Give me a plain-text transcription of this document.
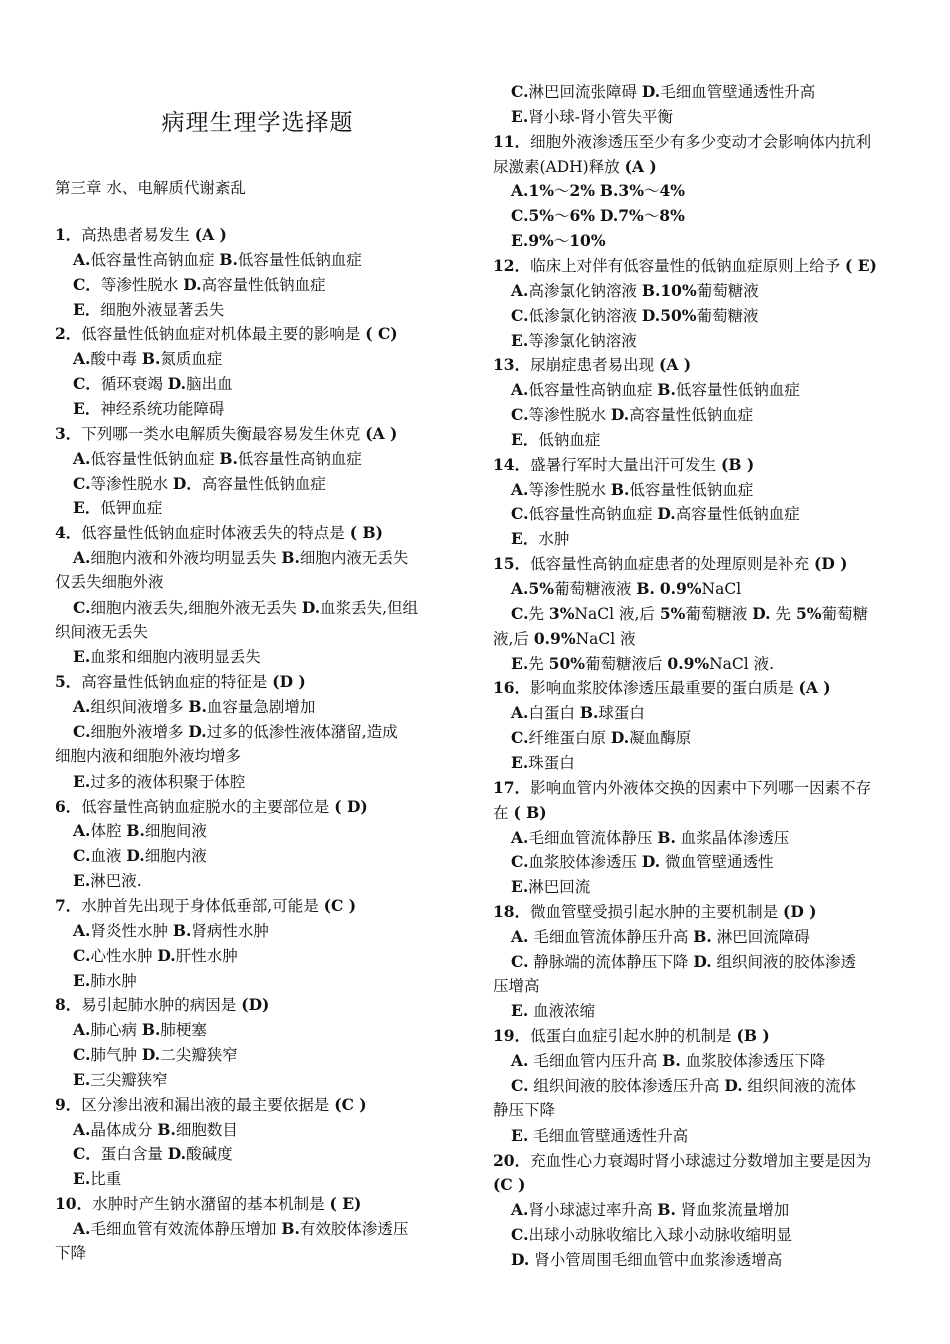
病理生理学选择题
第三章 水、电解质代谢紊乱
1．高热患者易发生 (A )
A.低容量性高钠血症 B.低容量性低钠血症
C．等渗性脱水 D.高容量性低钠血症
E．细胞外液显著丢失
2．低容量性低钠血症对机体最主要的影响是 ( C)
A.酸中毒 B.氮质血症
C．循环衰竭 D.脑出血
E．神经系统功能障碍
3．下列哪一类水电解质失衡最容易发生休克 (A )
A.低容量性低钠血症 B.低容量性高钠血症
C.等渗性脱水 D．高容量性低钠血症
E．低钾血症
4．低容量性低钠血症时体液丢失的特点是 ( B)
A.细胞内液和外液均明显丢失 B.细胞内液无丢失
仅丢失细胞外液
C.细胞内液丢失,细胞外液无丢失 D.血浆丢失,但组
织间液无丢失
E.血浆和细胞内液明显丢失
5．高容量性低钠血症的特征是 (D )
A.组织间液增多 B.血容量急剧增加
C.细胞外液增多 D.过多的低渗性液体潴留,造成
细胞内液和细胞外液均增多
E.过多的液体积聚于体腔
6．低容量性高钠血症脱水的主要部位是 ( D)
A.体腔 B.细胞间液
C.血液 D.细胞内液
E.淋巴液.
7．水肿首先出现于身体低垂部,可能是 (C )
A.肾炎性水肿 B.肾病性水肿
C.心性水肿 D.肝性水肿
E.肺水肿
8．易引起肺水肿的病因是 (D)
A.肺心病 B.肺梗塞
C.肺气肿 D.二尖瓣狭窄
E.三尖瓣狭窄
9．区分渗出液和漏出液的最主要依据是 (C )
A.晶体成分 B.细胞数目
C．蛋白含量 D.酸碱度
E.比重
10．水肿时产生钠水潴留的基本机制是 ( E)
A.毛细血管有效流体静压增加 B.有效胶体渗透压
下降
C.淋巴回流张障碍 D.毛细血管壁通透性升高
E.肾小球-肾小管失平衡
11．细胞外液渗透压至少有多少变动才会影响体内抗利
尿激素(ADH)释放 (A )
A.1%～2% B.3%～4%
C.5%～6% D.7%～8%
E.9%～10%
12．临床上对伴有低容量性的低钠血症原则上给予 ( E)
A.高渗氯化钠溶液 B.10%葡萄糖液
C.低渗氯化钠溶液 D.50%葡萄糖液
E.等渗氯化钠溶液
13．尿崩症患者易出现 (A )
A.低容量性高钠血症 B.低容量性低钠血症
C.等渗性脱水 D.高容量性低钠血症
E．低钠血症
14．盛暑行军时大量出汗可发生 (B )
A.等渗性脱水 B.低容量性低钠血症
C.低容量性高钠血症 D.高容量性低钠血症
E．水肿
15．低容量性高钠血症患者的处理原则是补充 (D )
A.5%葡萄糖液液 B. 0.9%NaCl
C.先 3%NaCl 液,后 5%葡萄糖液 D. 先 5%葡萄糖
液,后 0.9%NaCl 液
E.先 50%葡萄糖液后 0.9%NaCl 液.
16．影响血浆胶体渗透压最重要的蛋白质是 (A )
A.白蛋白 B.球蛋白
C.纤维蛋白原 D.凝血酶原
E.珠蛋白
17．影响血管内外液体交换的因素中下列哪一因素不存
在 ( B)
A.毛细血管流体静压 B. 血浆晶体渗透压
C.血浆胶体渗透压 D. 微血管壁通透性
E.淋巴回流
18．微血管壁受损引起水肿的主要机制是 (D )
A. 毛细血管流体静压升高 B. 淋巴回流障碍
C. 静脉端的流体静压下降 D. 组织间液的胶体渗透
压增高
E. 血液浓缩
19．低蛋白血症引起水肿的机制是 (B )
A. 毛细血管内压升高 B. 血浆胶体渗透压下降
C. 组织间液的胶体渗透压升高 D. 组织间液的流体
静压下降
E. 毛细血管壁通透性升高
20．充血性心力衰竭时肾小球滤过分数增加主要是因为
(C )
A.肾小球滤过率升高 B. 肾血浆流量增加
C.出球小动脉收缩比入球小动脉收缩明显
D. 肾小管周围毛细血管中血浆渗透增高
